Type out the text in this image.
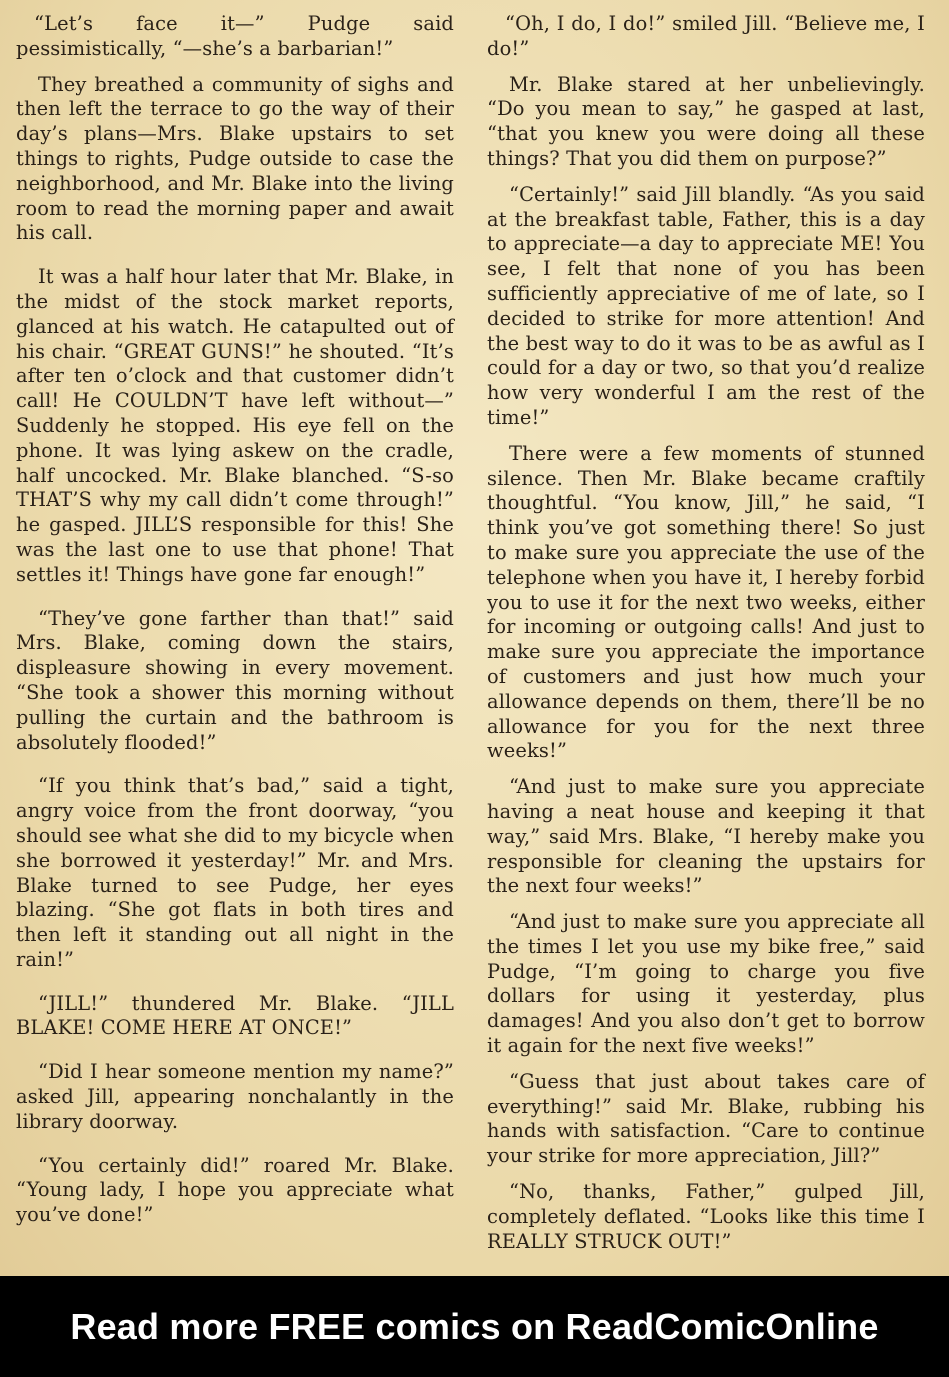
“Let’s face it—” Pudge said pessimistically, “—she’s a barbarian!”

They breathed a community of sighs and then left the terrace to go the way of their day’s plans—Mrs. Blake upstairs to set things to rights, Pudge outside to case the neighborhood, and Mr. Blake into the living room to read the morning paper and await his call.

It was a half hour later that Mr. Blake, in the midst of the stock market reports, glanced at his watch. He catapulted out of his chair. “GREAT GUNS!” he shouted. “It’s after ten o’clock and that customer didn’t call! He COULDN’T have left without—” Suddenly he stopped. His eye fell on the phone. It was lying askew on the cradle, half uncocked. Mr. Blake blanched. “S-so THAT’S why my call didn’t come through!” he gasped. JILL’S responsible for this! She was the last one to use that phone! That settles it! Things have gone far enough!”

“They’ve gone farther than that!” said Mrs. Blake, coming down the stairs, displeasure showing in every movement. “She took a shower this morning without pulling the curtain and the bathroom is absolutely flooded!”

“If you think that’s bad,” said a tight, angry voice from the front doorway, “you should see what she did to my bicycle when she borrowed it yesterday!” Mr. and Mrs. Blake turned to see Pudge, her eyes blazing. “She got flats in both tires and then left it standing out all night in the rain!”

“JILL!” thundered Mr. Blake. “JILL BLAKE! COME HERE AT ONCE!”

“Did I hear someone mention my name?” asked Jill, appearing nonchalantly in the library doorway.

“You certainly did!” roared Mr. Blake. “Young lady, I hope you appreciate what you’ve done!”

“Oh, I do, I do!” smiled Jill. “Believe me, I do!”

Mr. Blake stared at her unbelievingly. “Do you mean to say,” he gasped at last, “that you knew you were doing all these things? That you did them on purpose?”

“Certainly!” said Jill blandly. “As you said at the breakfast table, Father, this is a day to appreciate—a day to appreciate ME! You see, I felt that none of you has been sufficiently appreciative of me of late, so I decided to strike for more attention! And the best way to do it was to be as awful as I could for a day or two, so that you’d realize how very wonderful I am the rest of the time!”

There were a few moments of stunned silence. Then Mr. Blake became craftily thoughtful. “You know, Jill,” he said, “I think you’ve got something there! So just to make sure you appreciate the use of the telephone when you have it, I hereby forbid you to use it for the next two weeks, either for incoming or outgoing calls! And just to make sure you appreciate the importance of customers and just how much your allowance depends on them, there’ll be no allowance for you for the next three weeks!”

“And just to make sure you appreciate having a neat house and keeping it that way,” said Mrs. Blake, “I hereby make you responsible for cleaning the upstairs for the next four weeks!”

“And just to make sure you appreciate all the times I let you use my bike free,” said Pudge, “I’m going to charge you five dollars for using it yesterday, plus damages! And you also don’t get to borrow it again for the next five weeks!”

“Guess that just about takes care of everything!” said Mr. Blake, rubbing his hands with satisfaction. “Care to continue your strike for more appreciation, Jill?”

“No, thanks, Father,” gulped Jill, completely deflated. “Looks like this time I REALLY STRUCK OUT!”

Read more FREE comics on ReadComicOnline
